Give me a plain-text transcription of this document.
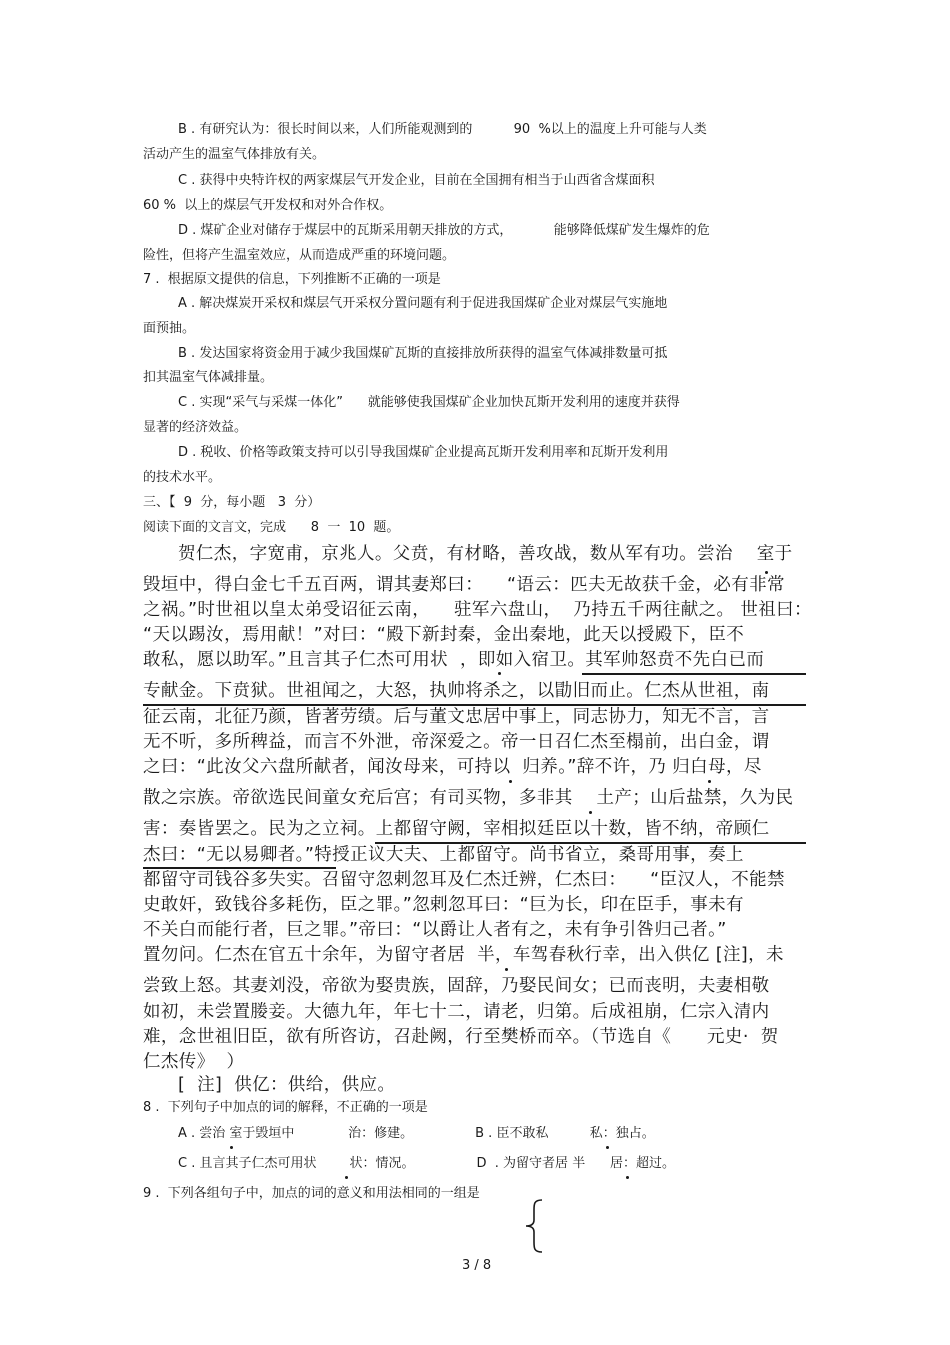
B . 有研究认为：很长时间以来，人们所能观测到的          90  %以上的温度上升可能与人类
活动产生的温室气体排放有关。
C . 获得中央特许权的两家煤层气开发企业，目前在全国拥有相当于山西省含煤面积
60 %  以上的煤层气开发权和对外合作权。
D . 煤矿企业对储存于煤层中的瓦斯采用朝天排放的方式，          能够降低煤矿发生爆炸的危
险性，但将产生温室效应，从而造成严重的环境问题。
7 .  根据原文提供的信息，下列推断不正确的一项是
A . 解决煤炭开采权和煤层气开采权分置问题有利于促进我国煤矿企业对煤层气实施地
面预抽。
B . 发达国家将资金用于减少我国煤矿瓦斯的直接排放所获得的温室气体减排数量可抵
扣其温室气体减排量。
C . 实现“采气与采煤一体化”      就能够使我国煤矿企业加快瓦斯开发利用的速度并获得
显著的经济效益。
D . 税收、价格等政策支持可以引导我国煤矿企业提高瓦斯开发利用率和瓦斯开发利用
的技术水平。
三、【  9  分，每小题   3  分）
阅读下面的文言文，完成      8  一  10  题。
贺仁杰，字宽甫，京兆人。父贲，有材略，善攻战，数从军有功。尝治    室于
毁垣中，得白金七千五百两，谓其妻郑曰：    “语云：匹夫无故获千金，必有非常
之祸。”时世祖以皇太弟受诏征云南，    驻军六盘山，  乃持五千两往献之。 世祖曰：
“天以踢汝，焉用献！”对曰：“殿下新封秦，金出秦地，此天以授殿下，臣不
敢私，愿以助军。”且言其子仁杰可用状  ，即如入宿卫。其军帅怒贲不先白已而
专献金。下贲狱。世祖闻之，大怒，执帅将杀之，以勖旧而止。仁杰从世祖，南
征云南，北征乃颜，皆著劳绩。后与董文忠居中事上，同志协力，知无不言，言
无不听，多所稗益，而言不外泄，帝深爱之。帝一日召仁杰至榻前，出白金，谓
之曰：“此汝父六盘所献者，闻汝母来，可持以  归养。”辞不许，乃 归白母，尽
散之宗族。帝欲选民间童女充后宫；有司买物，多非其    土产；山后盐禁，久为民
害：奏皆罢之。民为之立祠。上都留守阙，宰相拟廷臣以十数，皆不纳，帝顾仁
杰曰：“无以易卿者。”特授正议大夫、上都留守。尚书省立，桑哥用事，奏上
都留守司钱谷多失实。召留守忽剌忽耳及仁杰迁辨，仁杰曰：    “臣汉人，不能禁
史敢奸，致钱谷多耗伤，臣之罪。”忽剌忽耳曰：“巨为长，印在臣手，事未有
不关白而能行者，巨之罪。”帝曰：“以爵让人者有之，未有争引咎归己者。”
置勿问。仁杰在官五十余年，为留守者居  半，车驾春秋行幸，出入供亿 [注]，未
尝致上怒。其妻刘没，帝欲为娶贵族，固辞，乃娶民间女；已而丧明，夫妻相敬
如初，未尝置媵妾。大德九年，年七十二，请老，归第。后成祖崩，仁宗入清内
难，念世祖旧臣，欲有所咨访，召赴阙，行至樊桥而卒。（节选自《      元史·  贺
仁杰传》  ）
[  注]  供亿：供给，供应。
8 .  下列句子中加点的词的解释，不正确的一项是
A . 尝治 室于毁垣中             治：修建。               B . 臣不敢私          私：独占。
C . 且言其子仁杰可用状        状：情况。               D  . 为留守者居 半      居：超过。
9 .  下列各组句子中，加点的词的意义和用法相同的一组是
3 / 8
